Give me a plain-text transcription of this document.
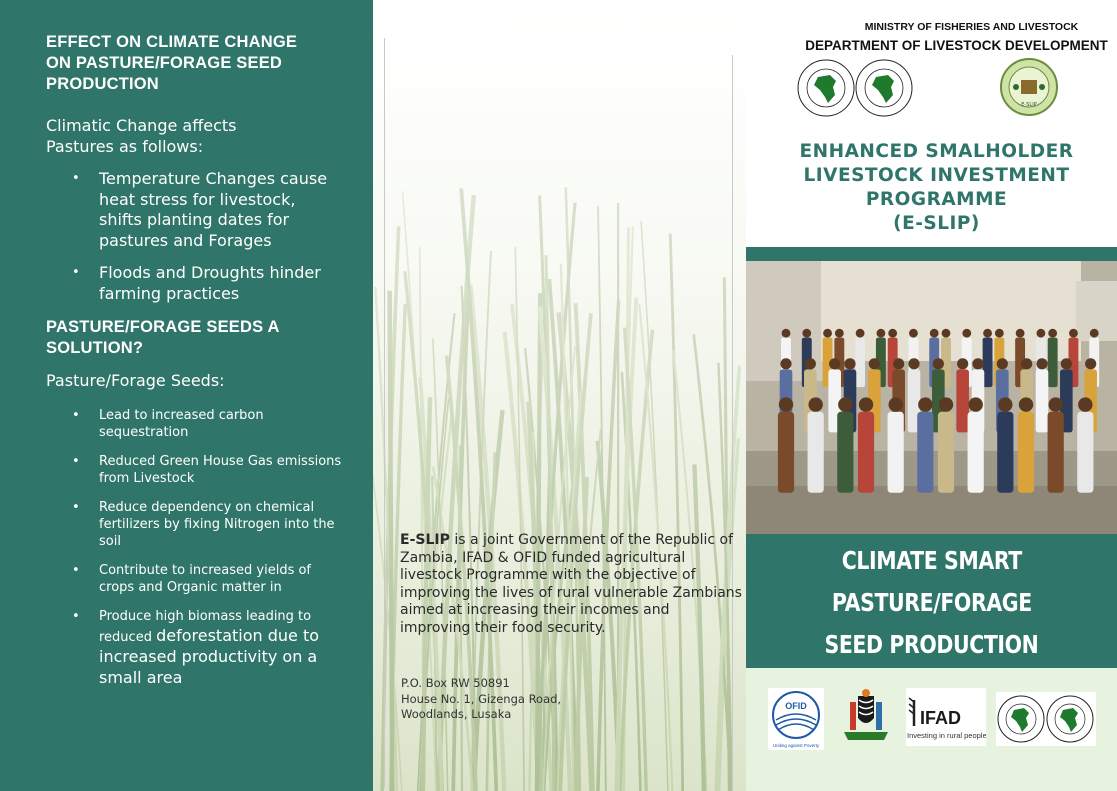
EFFECT ON CLIMATE CHANGE
ON PASTURE/FORAGE SEED
PRODUCTION

Climatic Change affects
Pastures as follows:

• Temperature Changes cause heat stress for livestock, shifts planting dates for pastures and Forages
• Floods and Droughts hinder farming practices
PASTURE/FORAGE SEEDS A
SOLUTION?

Pasture/Forage Seeds:

• Lead to increased carbon sequestration
• Reduced Green House Gas emissions from Livestock
• Reduce dependency on chemical fertilizers by fixing Nitrogen into the soil
• Contribute to increased yields of crops and Organic matter in
• Produce high biomass leading to reduced deforestation due to increased productivity on a small area

E-SLIP is a joint Government of the Republic of Zambia, IFAD & OFID funded agricultural livestock Programme with the objective of improving the lives of rural vulnerable Zambians aimed at increasing their incomes and improving their food security.

P.O. Box RW 50891
House No. 1, Gizenga Road,
Woodlands, Lusaka
MINISTRY OF FISHERIES AND LIVESTOCK
DEPARTMENT OF LIVESTOCK DEVELOPMENT
E-SLIP
ENHANCED SMALHOLDER
LIVESTOCK INVESTMENT
PROGRAMME
(E-SLIP)
CLIMATE SMART
PASTURE/FORAGE
SEED PRODUCTION
OFID
Uniting against Poverty
IFAD
Investing in rural people
